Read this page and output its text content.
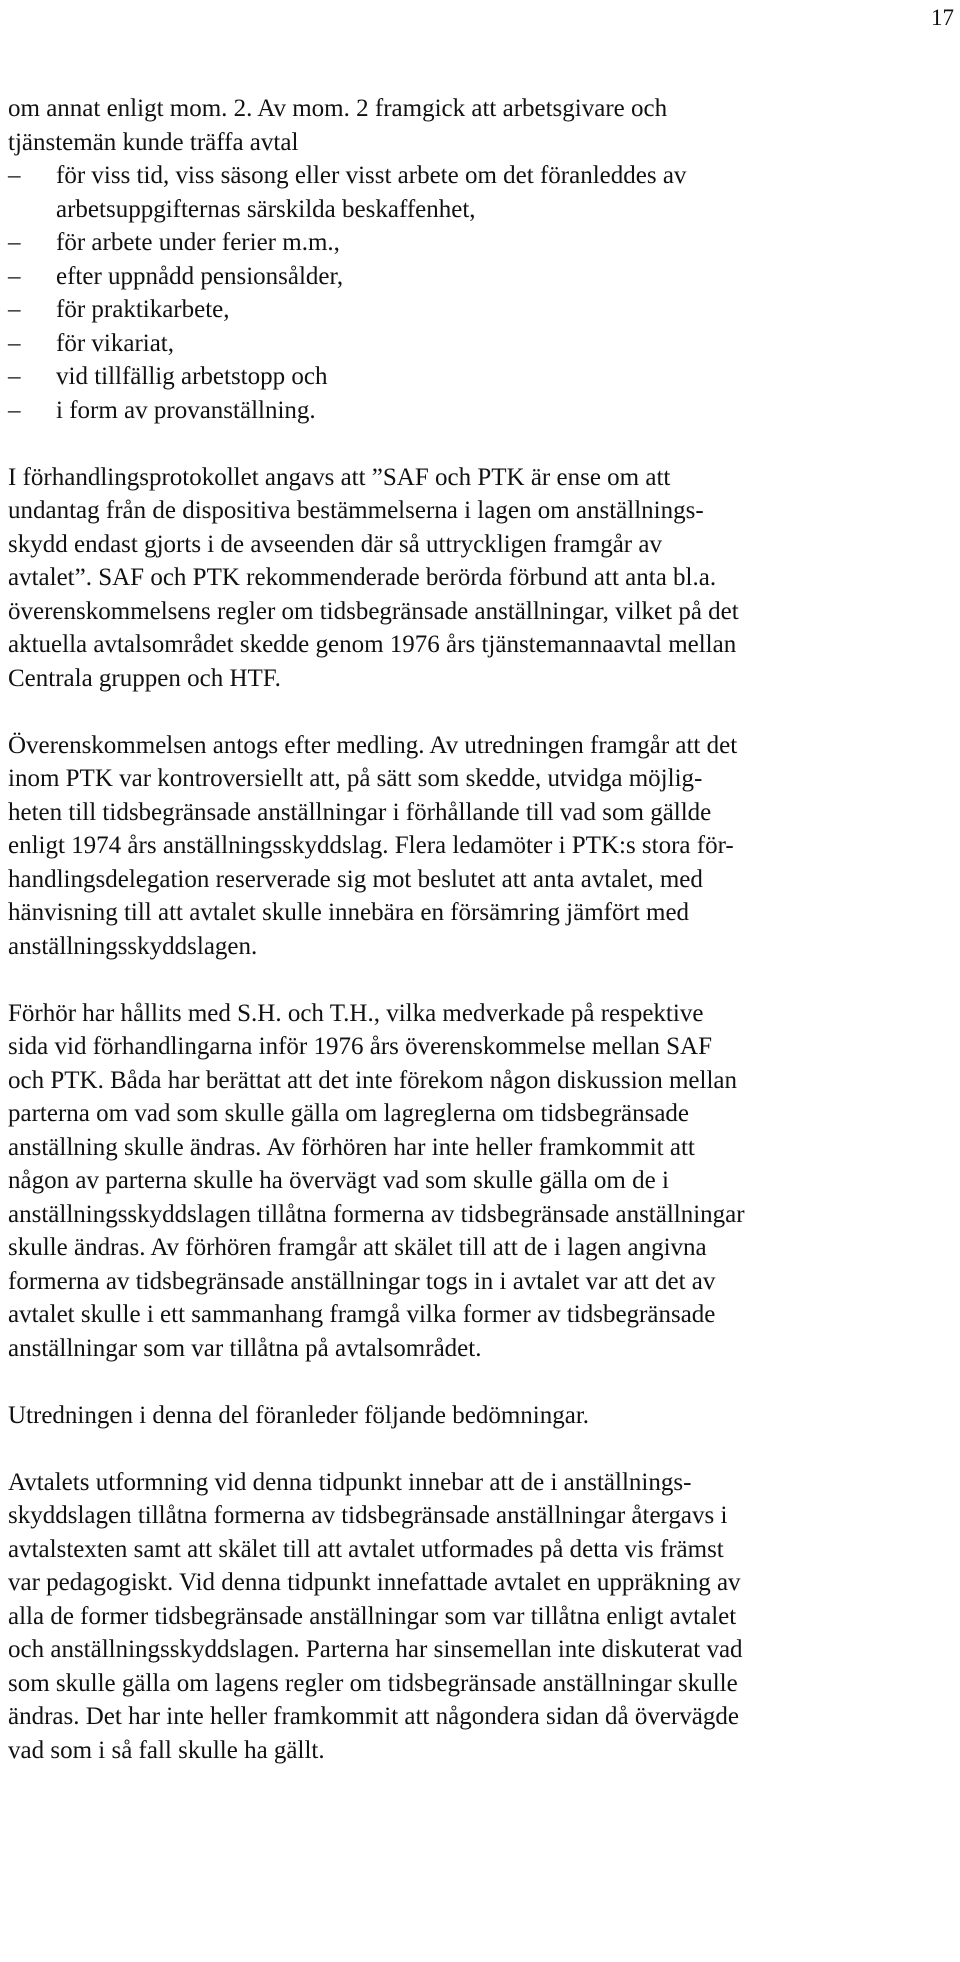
17
om annat enligt mom. 2. Av mom. 2 framgick att arbetsgivare och
tjänstemän kunde träffa avtal
–	för viss tid, viss säsong eller visst arbete om det föranleddes av
arbetsuppgifternas särskilda beskaffenhet,
–	för arbete under ferier m.m.,
–	efter uppnådd pensionsålder,
–	för praktikarbete,
–	för vikariat,
–	vid tillfällig arbetstopp och
–	i form av provanställning.
I förhandlingsprotokollet angavs att ”SAF och PTK är ense om att
undantag från de dispositiva bestämmelserna i lagen om anställnings-
skydd endast gjorts i de avseenden där så uttryckligen framgår av
avtalet”. SAF och PTK rekommenderade berörda förbund att anta bl.a.
överenskommelsens regler om tidsbegränsade anställningar, vilket på det
aktuella avtalsområdet skedde genom 1976 års tjänstemannaavtal mellan
Centrala gruppen och HTF.
Överenskommelsen antogs efter medling. Av utredningen framgår att det
inom PTK var kontroversiellt att, på sätt som skedde, utvidga möjlig-
heten till tidsbegränsade anställningar i förhållande till vad som gällde
enligt 1974 års anställningsskyddslag. Flera ledamöter i PTK:s stora för-
handlingsdelegation reserverade sig mot beslutet att anta avtalet, med
hänvisning till att avtalet skulle innebära en försämring jämfört med
anställningsskyddslagen.
Förhör har hållits med S.H. och T.H., vilka medverkade på respektive
sida vid förhandlingarna inför 1976 års överenskommelse mellan SAF
och PTK. Båda har berättat att det inte förekom någon diskussion mellan
parterna om vad som skulle gälla om lagreglerna om tidsbegränsade
anställning skulle ändras. Av förhören har inte heller framkommit att
någon av parterna skulle ha övervägt vad som skulle gälla om de i
anställningsskyddslagen tillåtna formerna av tidsbegränsade anställningar
skulle ändras. Av förhören framgår att skälet till att de i lagen angivna
formerna av tidsbegränsade anställningar togs in i avtalet var att det av
avtalet skulle i ett sammanhang framgå vilka former av tidsbegränsade
anställningar som var tillåtna på avtalsområdet.
Utredningen i denna del föranleder följande bedömningar.
Avtalets utformning vid denna tidpunkt innebar att de i anställnings-
skyddslagen tillåtna formerna av tidsbegränsade anställningar återgavs i
avtalstexten samt att skälet till att avtalet utformades på detta vis främst
var pedagogiskt. Vid denna tidpunkt innefattade avtalet en uppräkning av
alla de former tidsbegränsade anställningar som var tillåtna enligt avtalet
och anställningsskyddslagen. Parterna har sinsemellan inte diskuterat vad
som skulle gälla om lagens regler om tidsbegränsade anställningar skulle
ändras. Det har inte heller framkommit att någondera sidan då övervägde
vad som i så fall skulle ha gällt.
